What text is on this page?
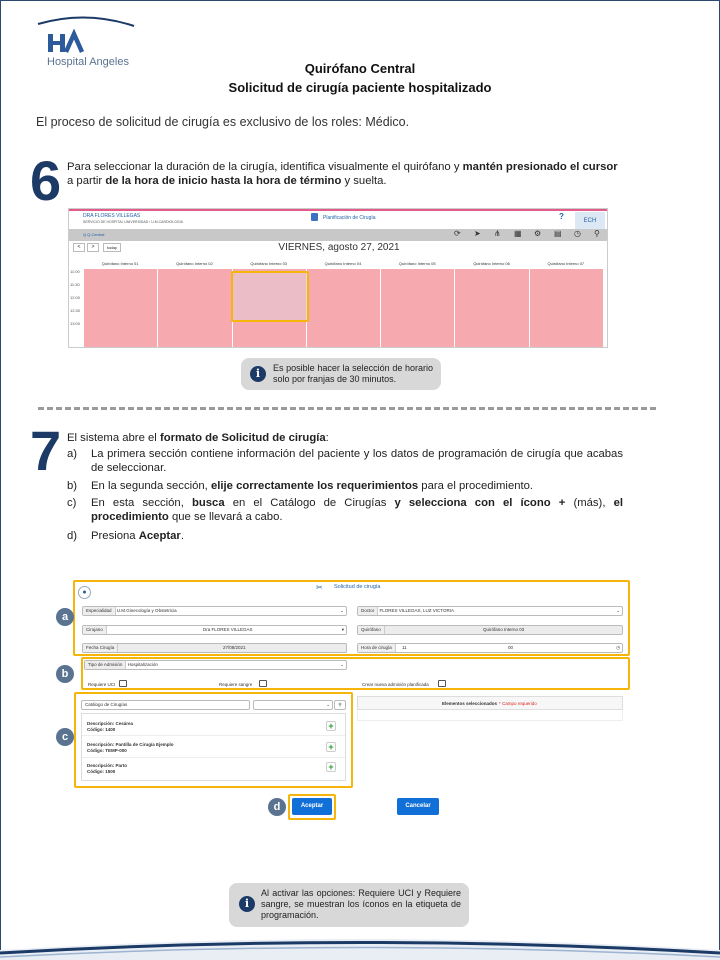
Hospital Angeles	Quirófano Central
Solicitud de cirugía paciente hospitalizado
El proceso de solicitud de cirugía es exclusivo de los roles: Médico.
6 Para seleccionar la duración de la cirugía, identifica visualmente el quirófano y mantén presionado el cursor a partir de la hora de inicio hasta la hora de término y suelta.
DRA FLORES VILLEGAS
SERVICIO DE HOSPITAL UNIVERSIDAD / U.M.CARDIOLOGIA
Planificación de Cirugía	?	ECH
Q.Q.Central	⟳ ➤ ⋔ ▦ ⚙ ▤ ◷ ⚲
<	>	today	VIERNES, agosto 27, 2021
Quirófano Interno 01	Quirófano Interno 02	Quirófano Interno 03	Quirófano Interno 04	Quirófano Interno 05	Quirófano Interno 06	Quirófano Interno 07
11:00
11:30
12:00
12:30
13:00
i	Es posible hacer la selección de horario solo por franjas de 30 minutos.
7 El sistema abre el formato de Solicitud de cirugía:
a)	La primera sección contiene información del paciente y los datos de programación de cirugía que acabas de seleccionar.
b)	En la segunda sección, elije correctamente los requerimientos para el procedimiento.
c)	En esta sección, busca en el Catálogo de Cirugías y selecciona con el ícono + (más), el procedimiento que se llevará a cabo.
d)	Presiona Aceptar.
●
✂ Solicitud de cirugía
Especialidad U.M.Ginecología y Obstetricia	⌄	Doctor FLORES VILLEGAS, LUZ VICTORIA	⌄
Cirujano	Dra FLORES VILLEGAS	▾	Quirófano	Quirófano Interno 03
Fecha Cirugía	27/08/2021	Hora de cirugía 11	00	◷
Tipo de Admisión Hospitalización	⌄
Requiere UCI	Requiere sangre	Crear nueva admisión planificada
Catálogo de Cirugías	⌄	⚲
Descripción: Cesárea
Código: 1400	+
Descripción: Pantilla de Cirugía Ejemplo
Código: TEMP-000	+
Descripción: Parto
Código: 1500	+
Elementos seleccionados * Campo requerido
Aceptar	Cancelar
a
b
c
d
i
Al activar las opciones: Requiere UCI y Requiere sangre, se muestran los íconos en la etiqueta de programación.
